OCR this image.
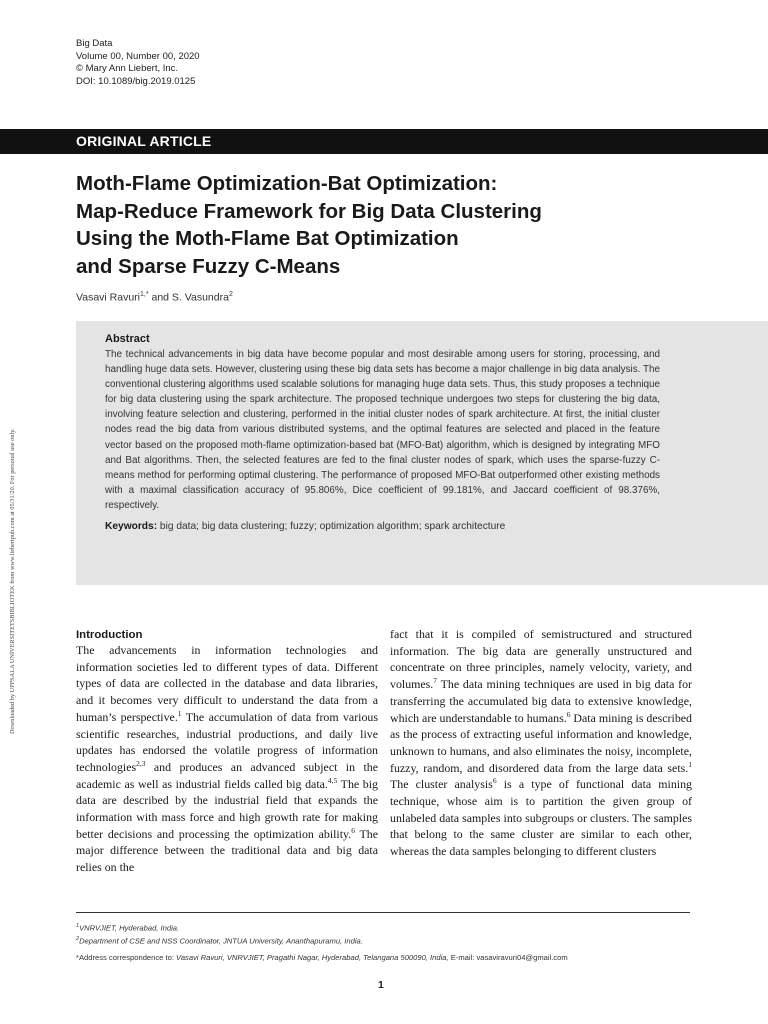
Big Data
Volume 00, Number 00, 2020
© Mary Ann Liebert, Inc.
DOI: 10.1089/big.2019.0125
ORIGINAL ARTICLE
Moth-Flame Optimization-Bat Optimization:
Map-Reduce Framework for Big Data Clustering
Using the Moth-Flame Bat Optimization
and Sparse Fuzzy C-Means
Vasavi Ravuri$^{1,*}$ and S. Vasundra$^2$
Downloaded by UPPSALA UNIVERSITETSBIBLIOTEK from www.liebertpub.com at 05/31/20. For personal use only.
Abstract

The technical advancements in big data have become popular and most desirable among users for storing, processing, and handling huge data sets. However, clustering using these big data sets has become a major challenge in big data analysis. The conventional clustering algorithms used scalable solutions for managing huge data sets. Thus, this study proposes a technique for big data clustering using the spark architecture. The proposed technique undergoes two steps for clustering the big data, involving feature selection and clustering, performed in the initial cluster nodes of spark architecture. At first, the initial cluster nodes read the big data from various distributed systems, and the optimal features are selected and placed in the feature vector based on the proposed moth-flame optimization-based bat (MFO-Bat) algorithm, which is designed by integrating MFO and Bat algorithms. Then, the selected features are fed to the final cluster nodes of spark, which uses the sparse-fuzzy C-means method for performing optimal clustering. The performance of proposed MFO-Bat outperformed other existing methods with a maximal classification accuracy of 95.806%, Dice coefficient of 99.181%, and Jaccard coefficient of 98.376%, respectively.

Keywords: big data; big data clustering; fuzzy; optimization algorithm; spark architecture
Introduction

The advancements in information technologies and information societies led to different types of data. Different types of data are collected in the database and data libraries, and it becomes very difficult to understand the data from a human’s perspective.$^1$ The accumulation of data from various scientific researches, industrial productions, and daily live updates has endorsed the volatile progress of information technologies$^{2,3}$ and produces an advanced subject in the academic as well as industrial fields called big data.$^{4,5}$ The big data are described by the industrial field that expands the information with mass force and high growth rate for making better decisions and processing the optimization ability.$^6$ The major difference between the traditional data and big data relies on the

fact that it is compiled of semistructured and structured information. The big data are generally unstructured and concentrate on three principles, namely velocity, variety, and volumes.$^7$ The data mining techniques are used in big data for transferring the accumulated big data to extensive knowledge, which are understandable to humans.$^6$ Data mining is described as the process of extracting useful information and knowledge, unknown to humans, and also eliminates the noisy, incomplete, fuzzy, random, and disordered data from the large data sets.$^1$ The cluster analysis$^6$ is a type of functional data mining technique, whose aim is to partition the given group of unlabeled data samples into subgroups or clusters. The samples that belong to the same cluster are similar to each other, whereas the data samples belonging to different clusters

$^1$VNRVJIET, Hyderabad, India.
$^2$Department of CSE and NSS Coordinator, JNTUA University, Ananthapuramu, India.
*Address correspondence to: Vasavi Ravuri, VNRVJIET, Pragathi Nagar, Hyderabad, Telangana 500090, India, E-mail: vasaviravuri04@gmail.com
1
